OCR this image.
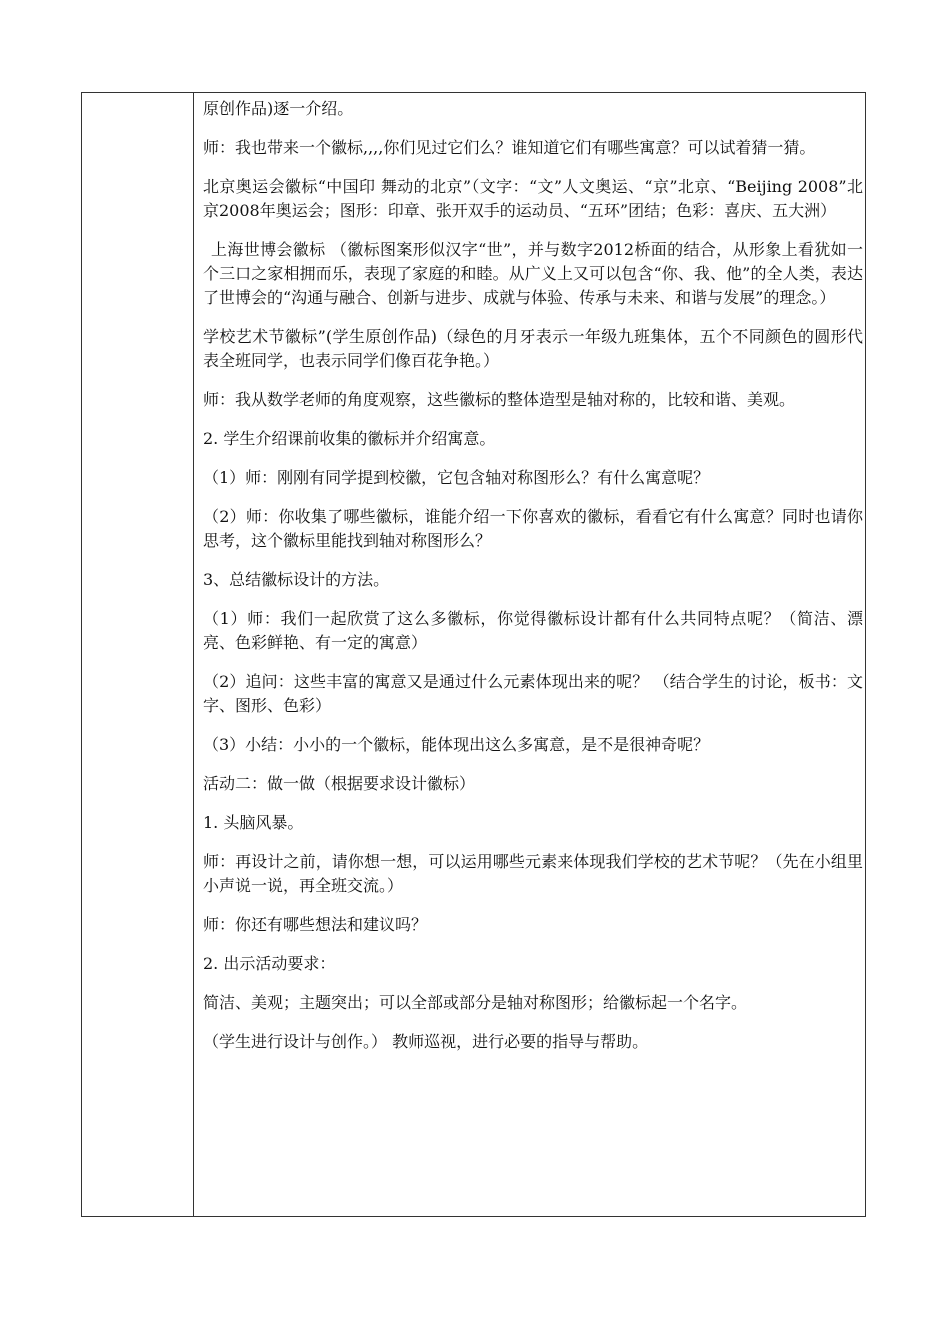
原创作品)逐一介绍。

师：我也带来一个徽标,,,,你们见过它们么？谁知道它们有哪些寓意？可以试着猜一猜。

北京奥运会徽标“中国印 舞动的北京”（文字：“文”人文奥运、“京”北京、“Beijing 2008”北京2008年奥运会；图形：印章、张开双手的运动员、“五环”团结；色彩：喜庆、五大洲）

上海世博会徽标 （徽标图案形似汉字“世”，并与数字2012桥面的结合，从形象上看犹如一个三口之家相拥而乐，表现了家庭的和睦。从广义上又可以包含“你、我、他”的全人类，表达了世博会的“沟通与融合、创新与进步、成就与体验、传承与未来、和谐与发展”的理念。）

学校艺术节徽标”(学生原创作品)（绿色的月牙表示一年级九班集体，五个不同颜色的圆形代表全班同学，也表示同学们像百花争艳。）

师：我从数学老师的角度观察，这些徽标的整体造型是轴对称的，比较和谐、美观。

2. 学生介绍课前收集的徽标并介绍寓意。

（1）师：刚刚有同学提到校徽，它包含轴对称图形么？有什么寓意呢？

（2）师：你收集了哪些徽标，谁能介绍一下你喜欢的徽标，看看它有什么寓意？同时也请你思考，这个徽标里能找到轴对称图形么？

3、总结徽标设计的方法。

（1）师：我们一起欣赏了这么多徽标，你觉得徽标设计都有什么共同特点呢？（简洁、漂亮、色彩鲜艳、有一定的寓意）

（2）追问：这些丰富的寓意又是通过什么元素体现出来的呢？ （结合学生的讨论，板书：文字、图形、色彩）

（3）小结：小小的一个徽标，能体现出这么多寓意，是不是很神奇呢？

活动二：做一做（根据要求设计徽标）

1. 头脑风暴。

师：再设计之前，请你想一想，可以运用哪些元素来体现我们学校的艺术节呢？（先在小组里小声说一说，再全班交流。）

师：你还有哪些想法和建议吗？

2. 出示活动要求：

简洁、美观；主题突出；可以全部或部分是轴对称图形；给徽标起一个名字。

（学生进行设计与创作。） 教师巡视，进行必要的指导与帮助。
